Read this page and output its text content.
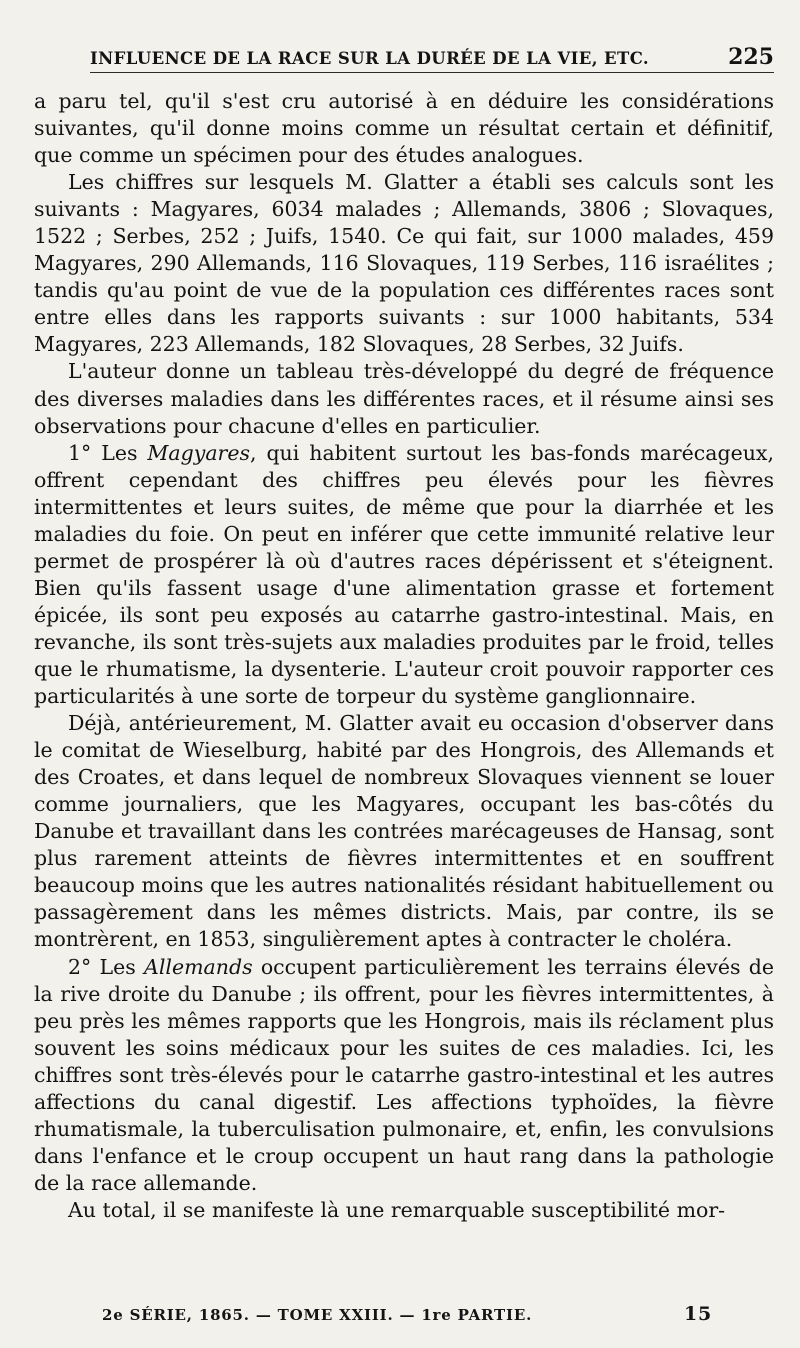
INFLUENCE DE LA RACE SUR LA DURÉE DE LA VIE, ETC.	225

a paru tel, qu'il s'est cru autorisé à en déduire les considérations suivantes, qu'il donne moins comme un résultat certain et définitif, que comme un spécimen pour des études analogues.

Les chiffres sur lesquels M. Glatter a établi ses calculs sont les suivants : Magyares, 6034 malades ; Allemands, 3806 ; Slovaques, 1522 ; Serbes, 252 ; Juifs, 1540. Ce qui fait, sur 1000 malades, 459 Magyares, 290 Allemands, 116 Slovaques, 119 Serbes, 116 israélites ; tandis qu'au point de vue de la population ces différentes races sont entre elles dans les rapports suivants : sur 1000 habitants, 534 Magyares, 223 Allemands, 182 Slovaques, 28 Serbes, 32 Juifs.

L'auteur donne un tableau très-développé du degré de fréquence des diverses maladies dans les différentes races, et il résume ainsi ses observations pour chacune d'elles en particulier.

1° Les Magyares, qui habitent surtout les bas-fonds marécageux, offrent cependant des chiffres peu élevés pour les fièvres intermittentes et leurs suites, de même que pour la diarrhée et les maladies du foie. On peut en inférer que cette immunité relative leur permet de prospérer là où d'autres races dépérissent et s'éteignent. Bien qu'ils fassent usage d'une alimentation grasse et fortement épicée, ils sont peu exposés au catarrhe gastro-intestinal. Mais, en revanche, ils sont très-sujets aux maladies produites par le froid, telles que le rhumatisme, la dysenterie. L'auteur croit pouvoir rapporter ces particularités à une sorte de torpeur du système ganglionnaire.

Déjà, antérieurement, M. Glatter avait eu occasion d'observer dans le comitat de Wieselburg, habité par des Hongrois, des Allemands et des Croates, et dans lequel de nombreux Slovaques viennent se louer comme journaliers, que les Magyares, occupant les bas-côtés du Danube et travaillant dans les contrées marécageuses de Hansag, sont plus rarement atteints de fièvres intermittentes et en souffrent beaucoup moins que les autres nationalités résidant habituellement ou passagèrement dans les mêmes districts. Mais, par contre, ils se montrèrent, en 1853, singulièrement aptes à contracter le choléra.

2° Les Allemands occupent particulièrement les terrains élevés de la rive droite du Danube ; ils offrent, pour les fièvres intermittentes, à peu près les mêmes rapports que les Hongrois, mais ils réclament plus souvent les soins médicaux pour les suites de ces maladies. Ici, les chiffres sont très-élevés pour le catarrhe gastro-intestinal et les autres affections du canal digestif. Les affections typhoïdes, la fièvre rhumatismale, la tuberculisation pulmonaire, et, enfin, les convulsions dans l'enfance et le croup occupent un haut rang dans la pathologie de la race allemande.

Au total, il se manifeste là une remarquable susceptibilité mor-

2e SÉRIE, 1865. — TOME XXIII. — 1re PARTIE.	15
